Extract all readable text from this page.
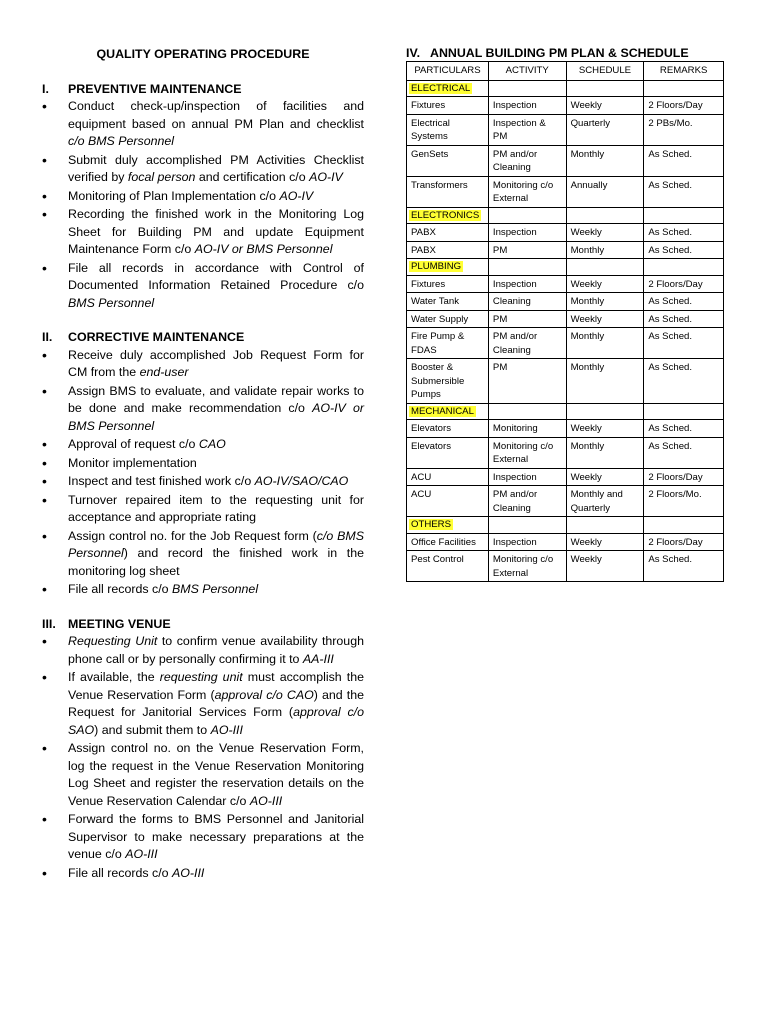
QUALITY OPERATING PROCEDURE
I.	PREVENTIVE MAINTENANCE
•	Conduct check-up/inspection of facilities and equipment based on annual PM Plan and checklist c/o BMS Personnel
•	Submit duly accomplished PM Activities Checklist verified by focal person and certification c/o AO-IV
•	Monitoring of Plan Implementation c/o AO-IV
•	Recording the finished work in the Monitoring Log Sheet for Building PM and update Equipment Maintenance Form c/o AO-IV or BMS Personnel
•	File all records in accordance with Control of Documented Information Retained Procedure c/o BMS Personnel
II.	CORRECTIVE MAINTENANCE
•	Receive duly accomplished Job Request Form for CM from the end-user
•	Assign BMS to evaluate, and validate repair works to be done and make recommendation c/o AO-IV or BMS Personnel
•	Approval of request c/o CAO
•	Monitor implementation
•	Inspect and test finished work c/o AO-IV/SAO/CAO
•	Turnover repaired item to the requesting unit for acceptance and appropriate rating
•	Assign control no. for the Job Request form (c/o BMS Personnel) and record the finished work in the monitoring log sheet
•	File all records c/o BMS Personnel
III. MEETING VENUE
•	Requesting Unit to confirm venue availability through phone call or by personally confirming it to AA-III
•	If available, the requesting unit must accomplish the Venue Reservation Form (approval c/o CAO) and the Request for Janitorial Services Form (approval c/o SAO) and submit them to AO-III
•	Assign control no. on the Venue Reservation Form, log the request in the Venue Reservation Monitoring Log Sheet and register the reservation details on the Venue Reservation Calendar c/o AO-III
•	Forward the forms to BMS Personnel and Janitorial Supervisor to make necessary preparations at the venue c/o AO-III
•	File all records c/o AO-III
IV. ANNUAL BUILDING PM PLAN & SCHEDULE
PARTICULARS	ACTIVITY	SCHEDULE	REMARKS
ELECTRICAL			
Fixtures	Inspection	Weekly	2 Floors/Day
Electrical Systems	Inspection & PM	Quarterly	2 PBs/Mo.
GenSets	PM and/or Cleaning	Monthly	As Sched.
Transformers	Monitoring c/o External	Annually	As Sched.
ELECTRONICS			
PABX	Inspection	Weekly	As Sched.
PABX	PM	Monthly	As Sched.
PLUMBING			
Fixtures	Inspection	Weekly	2 Floors/Day
Water Tank	Cleaning	Monthly	As Sched.
Water Supply	PM	Weekly	As Sched.
Fire Pump & FDAS	PM and/or Cleaning	Monthly	As Sched.
Booster & Submersible Pumps	PM	Monthly	As Sched.
MECHANICAL			
Elevators	Monitoring	Weekly	As Sched.
Elevators	Monitoring c/o External	Monthly	As Sched.
ACU	Inspection	Weekly	2 Floors/Day
ACU	PM and/or Cleaning	Monthly and Quarterly	2 Floors/Mo.
OTHERS			
Office Facilities	Inspection	Weekly	2 Floors/Day
Pest Control	Monitoring c/o External	Weekly	As Sched.
